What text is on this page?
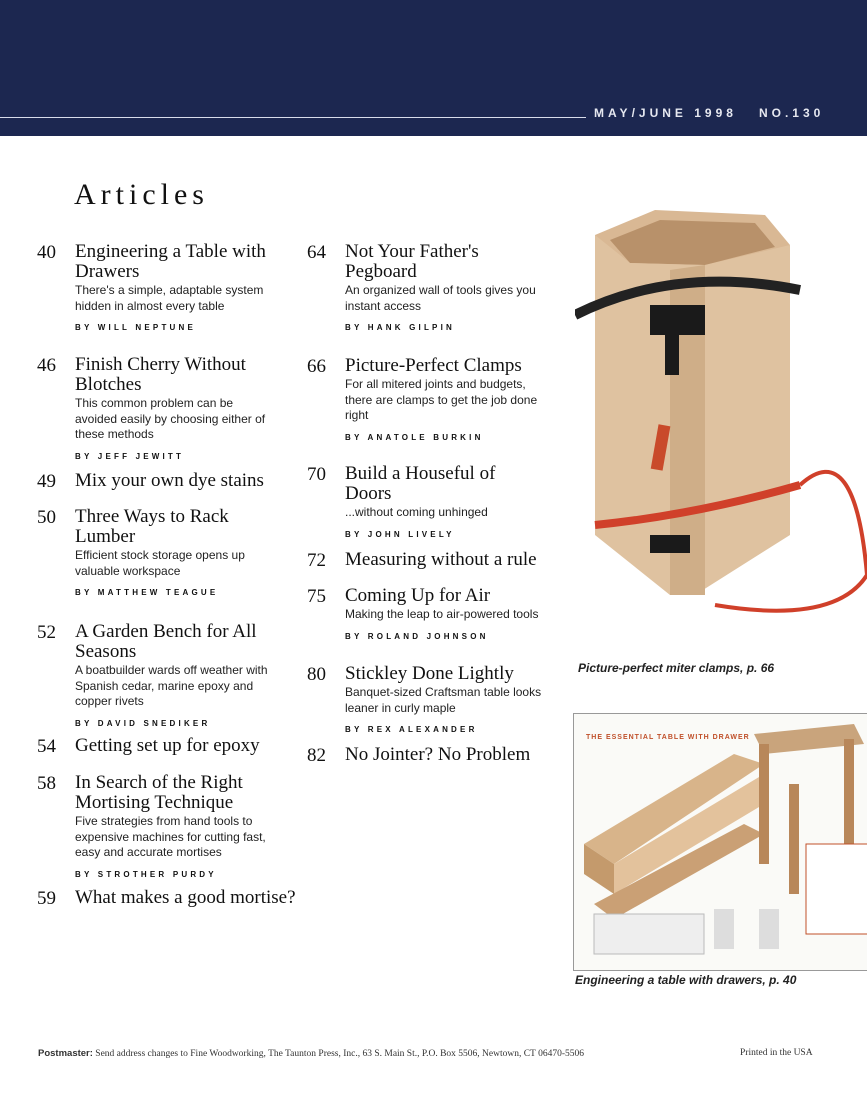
MAY/JUNE 1998   NO.130
Articles
40 Engineering a Table with Drawers
There's a simple, adaptable system hidden in almost every table
BY WILL NEPTUNE
46 Finish Cherry Without Blotches
This common problem can be avoided easily by choosing either of these methods
BY JEFF JEWITT
49 Mix your own dye stains
50 Three Ways to Rack Lumber
Efficient stock storage opens up valuable workspace
BY MATTHEW TEAGUE
52 A Garden Bench for All Seasons
A boatbuilder wards off weather with Spanish cedar, marine epoxy and copper rivets
BY DAVID SNEDIKER
54 Getting set up for epoxy
58 In Search of the Right Mortising Technique
Five strategies from hand tools to expensive machines for cutting fast, easy and accurate mortises
BY STROTHER PURDY
59 What makes a good mortise?
64 Not Your Father's Pegboard
An organized wall of tools gives you instant access
BY HANK GILPIN
66 Picture-Perfect Clamps
For all mitered joints and budgets, there are clamps to get the job done right
BY ANATOLE BURKIN
70 Build a Houseful of Doors
...without coming unhinged
BY JOHN LIVELY
72 Measuring without a rule
75 Coming Up for Air
Making the leap to air-powered tools
BY ROLAND JOHNSON
80 Stickley Done Lightly
Banquet-sized Craftsman table looks leaner in curly maple
BY REX ALEXANDER
82 No Jointer? No Problem
Picture-perfect miter clamps, p. 66
THE ESSENTIAL TABLE WITH DRAWER
Engineering a table with drawers, p. 40
Postmaster: Send address changes to Fine Woodworking, The Taunton Press, Inc., 63 S. Main St., P.O. Box 5506, Newtown, CT 06470-5506	Printed in the USA
